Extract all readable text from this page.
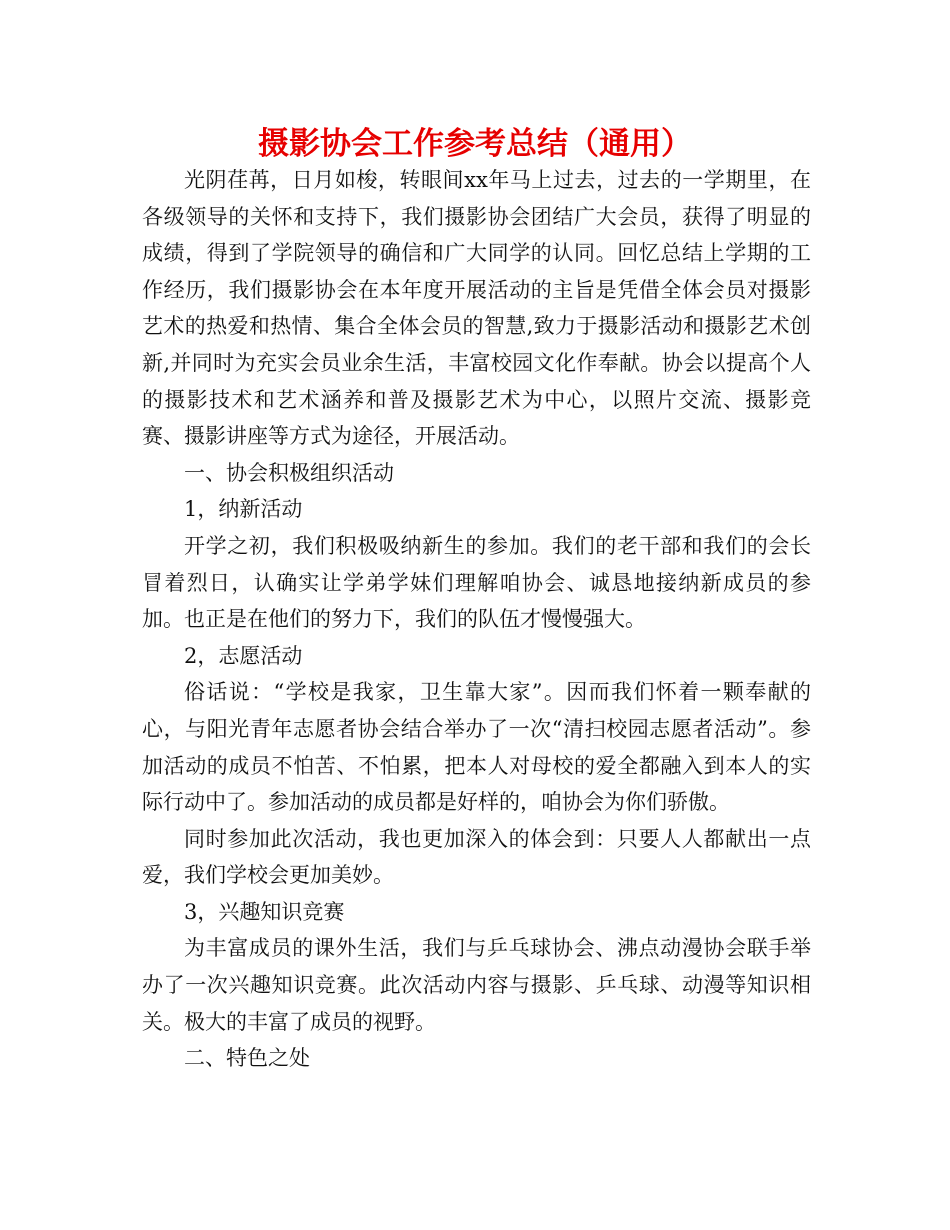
摄影协会工作参考总结（通用）

光阴荏苒，日月如梭，转眼间xx年马上过去，过去的一学期里，在各级领导的关怀和支持下，我们摄影协会团结广大会员，获得了明显的成绩，得到了学院领导的确信和广大同学的认同。回忆总结上学期的工作经历，我们摄影协会在本年度开展活动的主旨是凭借全体会员对摄影艺术的热爱和热情、集合全体会员的智慧,致力于摄影活动和摄影艺术创新,并同时为充实会员业余生活，丰富校园文化作奉献。协会以提高个人的摄影技术和艺术涵养和普及摄影艺术为中心，以照片交流、摄影竞赛、摄影讲座等方式为途径，开展活动。

一、协会积极组织活动

1，纳新活动

开学之初，我们积极吸纳新生的参加。我们的老干部和我们的会长冒着烈日，认确实让学弟学妹们理解咱协会、诚恳地接纳新成员的参加。也正是在他们的努力下，我们的队伍才慢慢强大。

2，志愿活动

俗话说：“学校是我家，卫生靠大家”。因而我们怀着一颗奉献的心，与阳光青年志愿者协会结合举办了一次“清扫校园志愿者活动”。参加活动的成员不怕苦、不怕累，把本人对母校的爱全都融入到本人的实际行动中了。参加活动的成员都是好样的，咱协会为你们骄傲。

同时参加此次活动，我也更加深入的体会到：只要人人都献出一点爱，我们学校会更加美妙。

3，兴趣知识竞赛

为丰富成员的课外生活，我们与乒乓球协会、沸点动漫协会联手举办了一次兴趣知识竞赛。此次活动内容与摄影、乒乓球、动漫等知识相关。极大的丰富了成员的视野。

二、特色之处
